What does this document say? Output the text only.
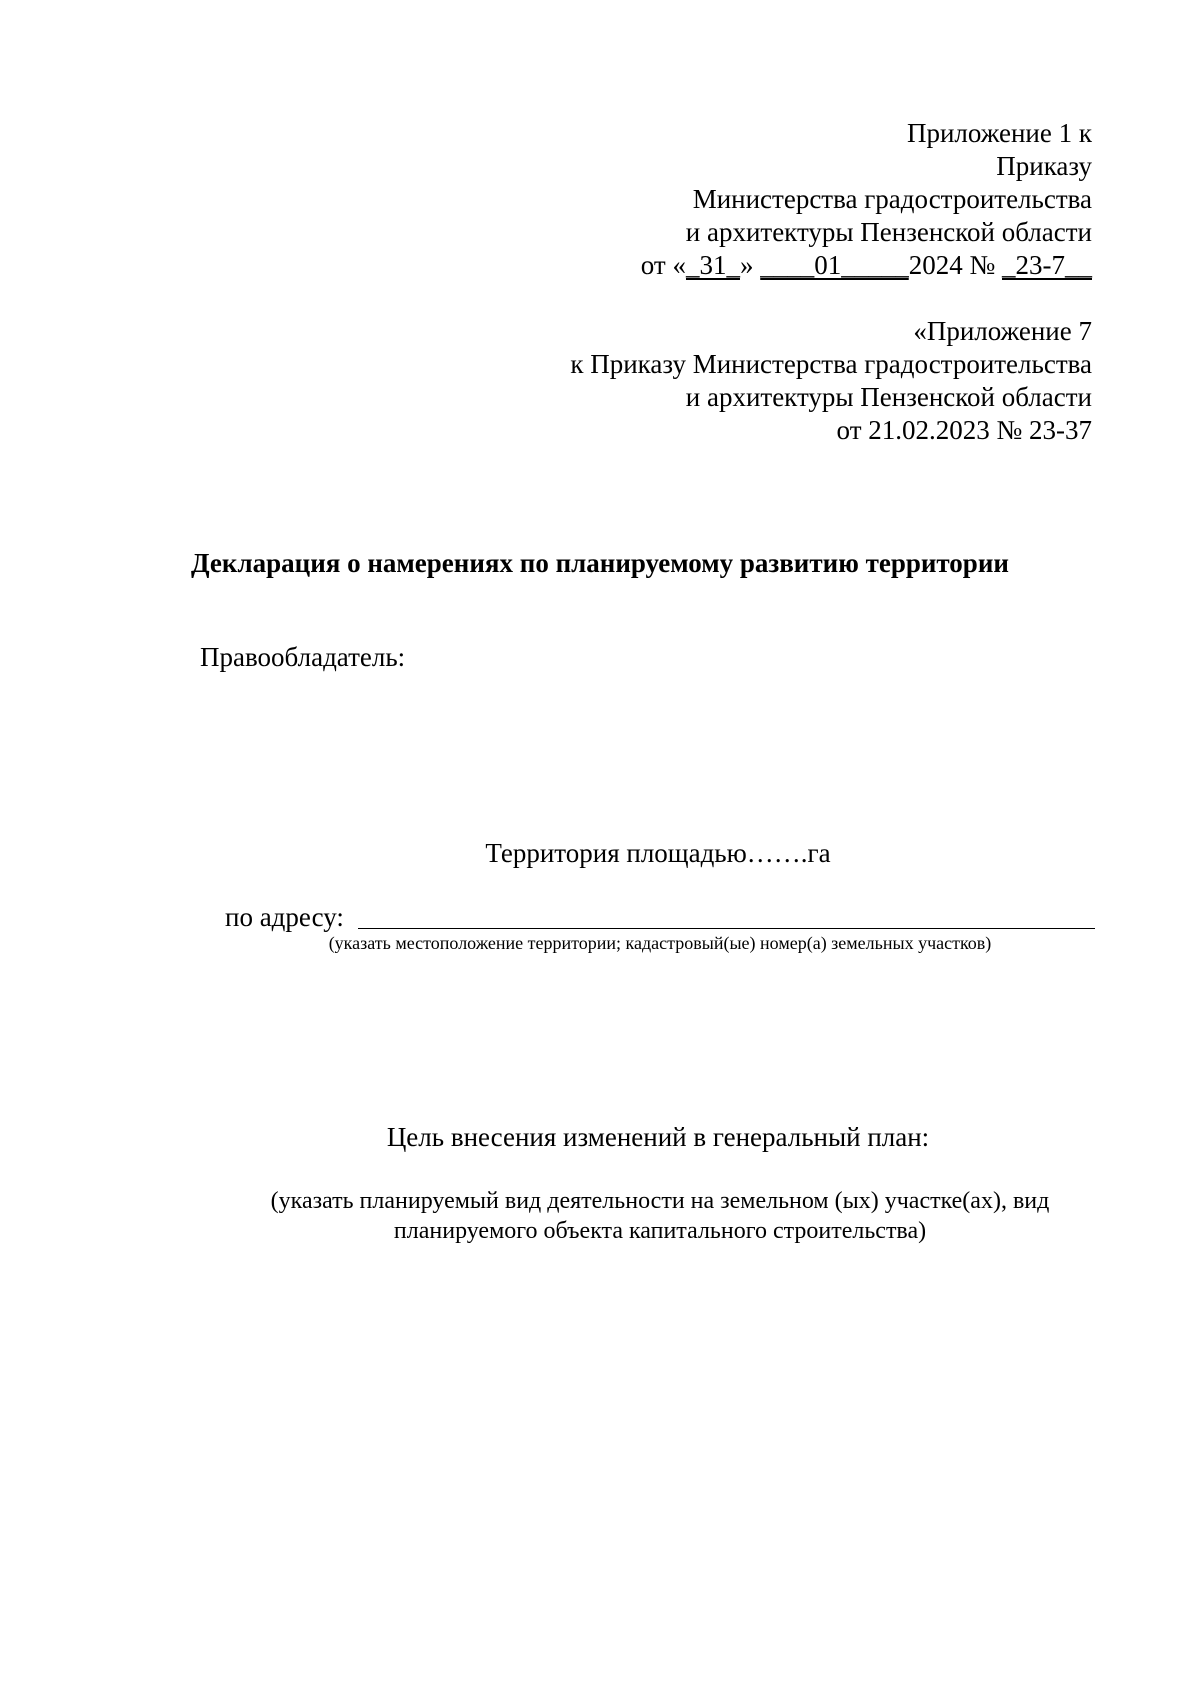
Приложение 1 к
Приказу
Министерства градостроительства
и архитектуры Пензенской области
от «_31_» ____01_____2024 № _23-7__
«Приложение 7
к Приказу Министерства градостроительства
и архитектуры Пензенской области
от 21.02.2023 № 23-37
Декларация о намерениях по планируемому развитию территории
Правообладатель:
Территория площадью…….га
по адресу:
(указать местоположение территории; кадастровый(ые) номер(а) земельных участков)
Цель внесения изменений в генеральный план:
(указать планируемый вид деятельности на земельном (ых) участке(ах), вид
планируемого объекта капитального строительства)
